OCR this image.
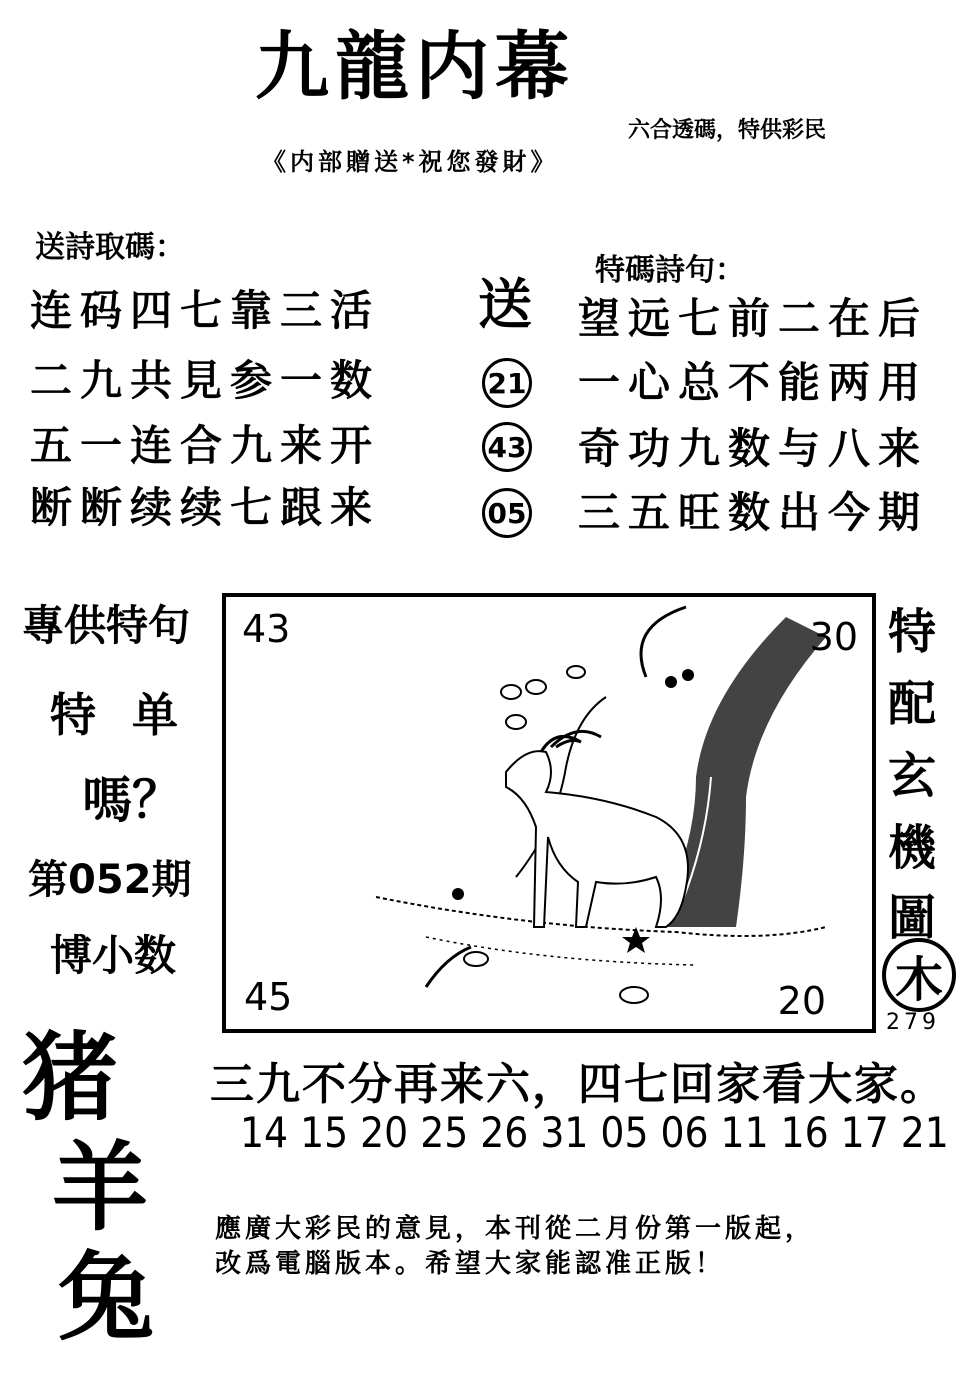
九龍内幕
六合透碼，特供彩民
《内部贈送*祝您發財》
送詩取碼：
连码四七靠三活
二九共見参一数
五一连合九来开
断断续续七跟来
特碼詩句：
送
21
43
05
望远七前二在后
一心总不能两用
奇功九数与八来
三五旺数出今期
專供特句
特 单
嗎？
第052期
博小数
43	30
45	20
特
配
玄
機
圖
木
279
猪
羊
兔
三九不分再来六，四七回家看大家。
14 15 20 25 26 31 05 06 11 16 17 21
應廣大彩民的意見，本刊從二月份第一版起，
改爲電腦版本。希望大家能認准正版！
